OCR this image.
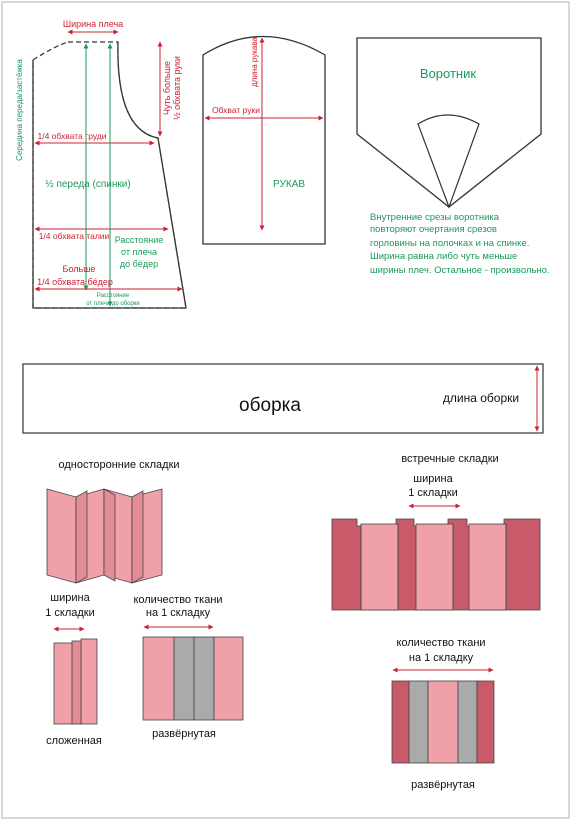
Ширина плеча
Чуть больше ½ обхвата руки
Середина переда/застёжка 1/4 обхвата груди
½ переда (спинки)
1/4 обхвата талии Расстояние
от плеча
до бёдер
Больше
1/4 обхвата бёдер
Расстояние
от плеча до оборки
длина рукава
Обхват руки
РУКАВ
Воротник
Внутренние срезы воротника
повторяют очертания срезов
горловины на полочках и на спинке.
Ширина равна либо чуть меньше
ширины плеч. Остальное - произвольно.
оборка	длина оборки
односторонние складки
ширина
1 складки
сложенная
количество ткани
на 1 складку
развёрнутая
встречные складки
ширина
1 складки
количество ткани
на 1 складку
развёрнутая
